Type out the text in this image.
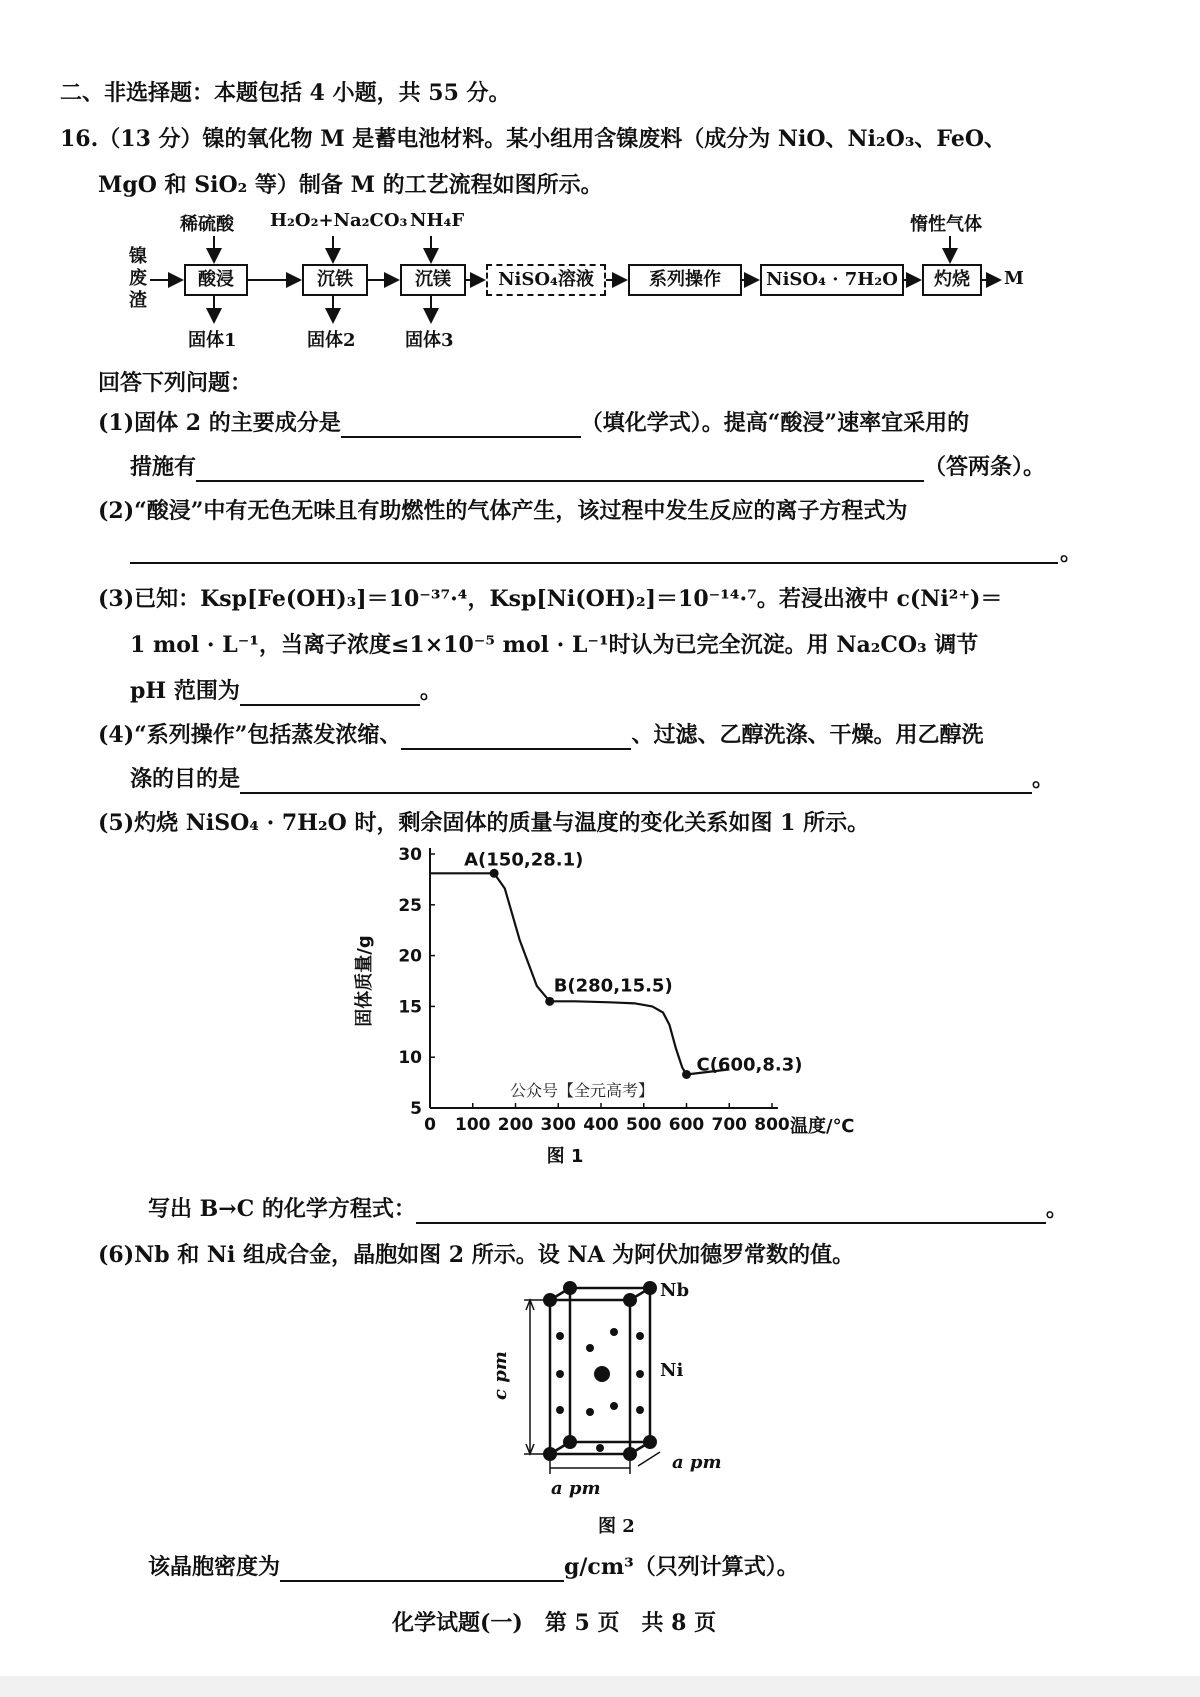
二、非选择题：本题包括 4 小题，共 55 分。
16.（13 分）镍的氧化物 M 是蓄电池材料。某小组用含镍废料（成分为 NiO、Ni₂O₃、FeO、
MgO 和 SiO₂ 等）制备 M 的工艺流程如图所示。
镍废渣
稀硫酸 H₂O₂+Na₂CO₃ NH₄F	惰性气体
酸浸	沉铁	沉镁	NiSO₄溶液	系列操作	NiSO₄ · 7H₂O	灼烧	M
固体1	固体2	固体3
回答下列问题：
(1)固体 2 的主要成分是	（填化学式）。提高“酸浸”速率宜采用的
措施有	（答两条）。
(2)“酸浸”中有无色无味且有助燃性的气体产生，该过程中发生反应的离子方程式为
。
(3)已知：Ksp[Fe(OH)₃]＝10⁻³⁷·⁴，Ksp[Ni(OH)₂]＝10⁻¹⁴·⁷。若浸出液中 c(Ni²⁺)＝
1 mol · L⁻¹，当离子浓度≤1×10⁻⁵ mol · L⁻¹时认为已完全沉淀。用 Na₂CO₃ 调节
pH 范围为	。
(4)“系列操作”包括蒸发浓缩、	、过滤、乙醇洗涤、干燥。用乙醇洗
涤的目的是	。
(5)灼烧 NiSO₄ · 7H₂O 时，剩余固体的质量与温度的变化关系如图 1 所示。
0 100 200 300 400 500 600 700 800
5
10
15
20
25
30
温度/℃
固体质量/g
A(150,28.1)
B(280,15.5)
C(600,8.3)
图 1
公众号【全元高考】
写出 B→C 的化学方程式：	。
(6)Nb 和 Ni 组成合金，晶胞如图 2 所示。设 NA 为阿伏加德罗常数的值。
Nb
Ni
c pm
a pm
a pm
图 2
该晶胞密度为	g/cm³（只列计算式）。
化学试题(一)　第 5 页　共 8 页
